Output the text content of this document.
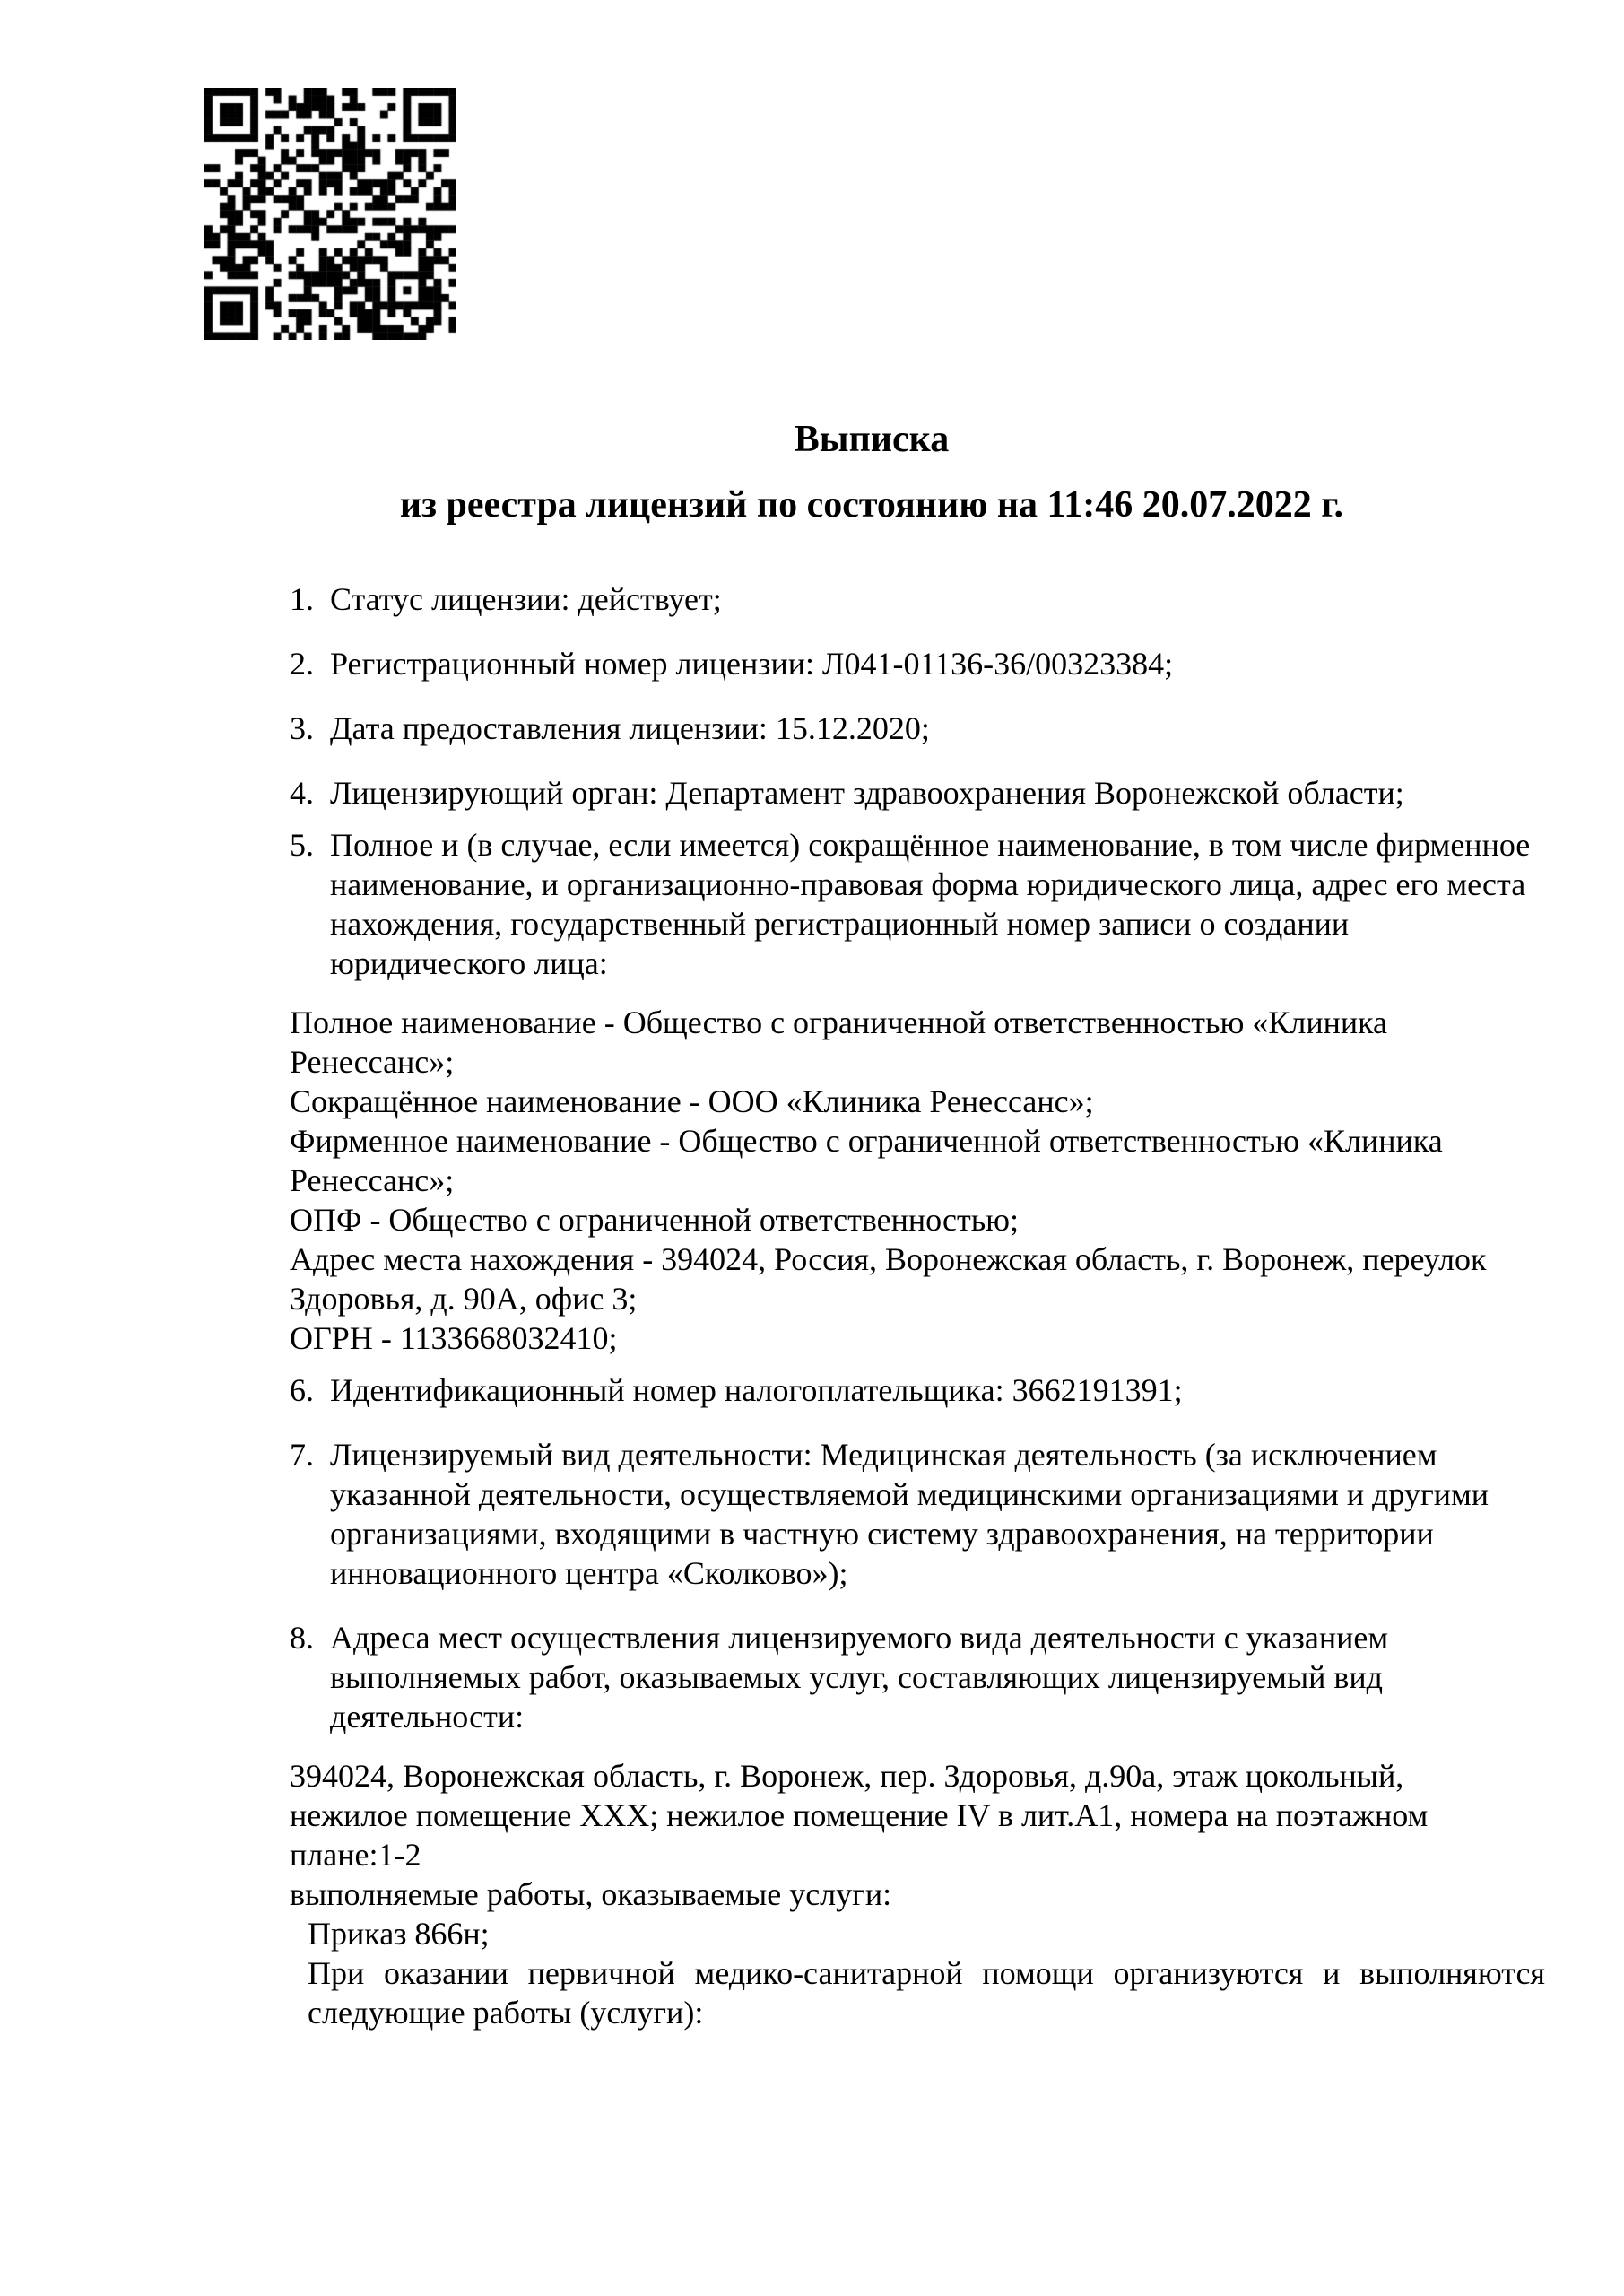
Выписка
из реестра лицензий по состоянию на 11:46 20.07.2022 г.
1. Статус лицензии: действует;
2. Регистрационный номер лицензии: Л041-01136-36/00323384;
3. Дата предоставления лицензии: 15.12.2020;
4. Лицензирующий орган: Департамент здравоохранения Воронежской области;
5. Полное и (в случае, если имеется) сокращённое наименование, в том числе фирменное
наименование, и организационно-правовая форма юридического лица, адрес его места
нахождения, государственный регистрационный номер записи о создании
юридического лица:
Полное наименование - Общество с ограниченной ответственностью «Клиника
Ренессанс»;
Сокращённое наименование - ООО «Клиника Ренессанс»;
Фирменное наименование - Общество с ограниченной ответственностью «Клиника
Ренессанс»;
ОПФ - Общество с ограниченной ответственностью;
Адрес места нахождения - 394024, Россия, Воронежская область, г. Воронеж, переулок
Здоровья, д. 90А, офис 3;
ОГРН - 1133668032410;
6. Идентификационный номер налогоплательщика: 3662191391;
7. Лицензируемый вид деятельности: Медицинская деятельность (за исключением
указанной деятельности, осуществляемой медицинскими организациями и другими
организациями, входящими в частную систему здравоохранения, на территории
инновационного центра «Сколково»);
8. Адреса мест осуществления лицензируемого вида деятельности с указанием
выполняемых работ, оказываемых услуг, составляющих лицензируемый вид
деятельности:
394024, Воронежская область, г. Воронеж, пер. Здоровья, д.90а, этаж цокольный,
нежилое помещение XXX; нежилое помещение IV в лит.А1, номера на поэтажном
плане:1-2
выполняемые работы, оказываемые услуги:
Приказ 866н;
При оказании первичной медико-санитарной помощи организуются и выполняются
следующие работы (услуги):
